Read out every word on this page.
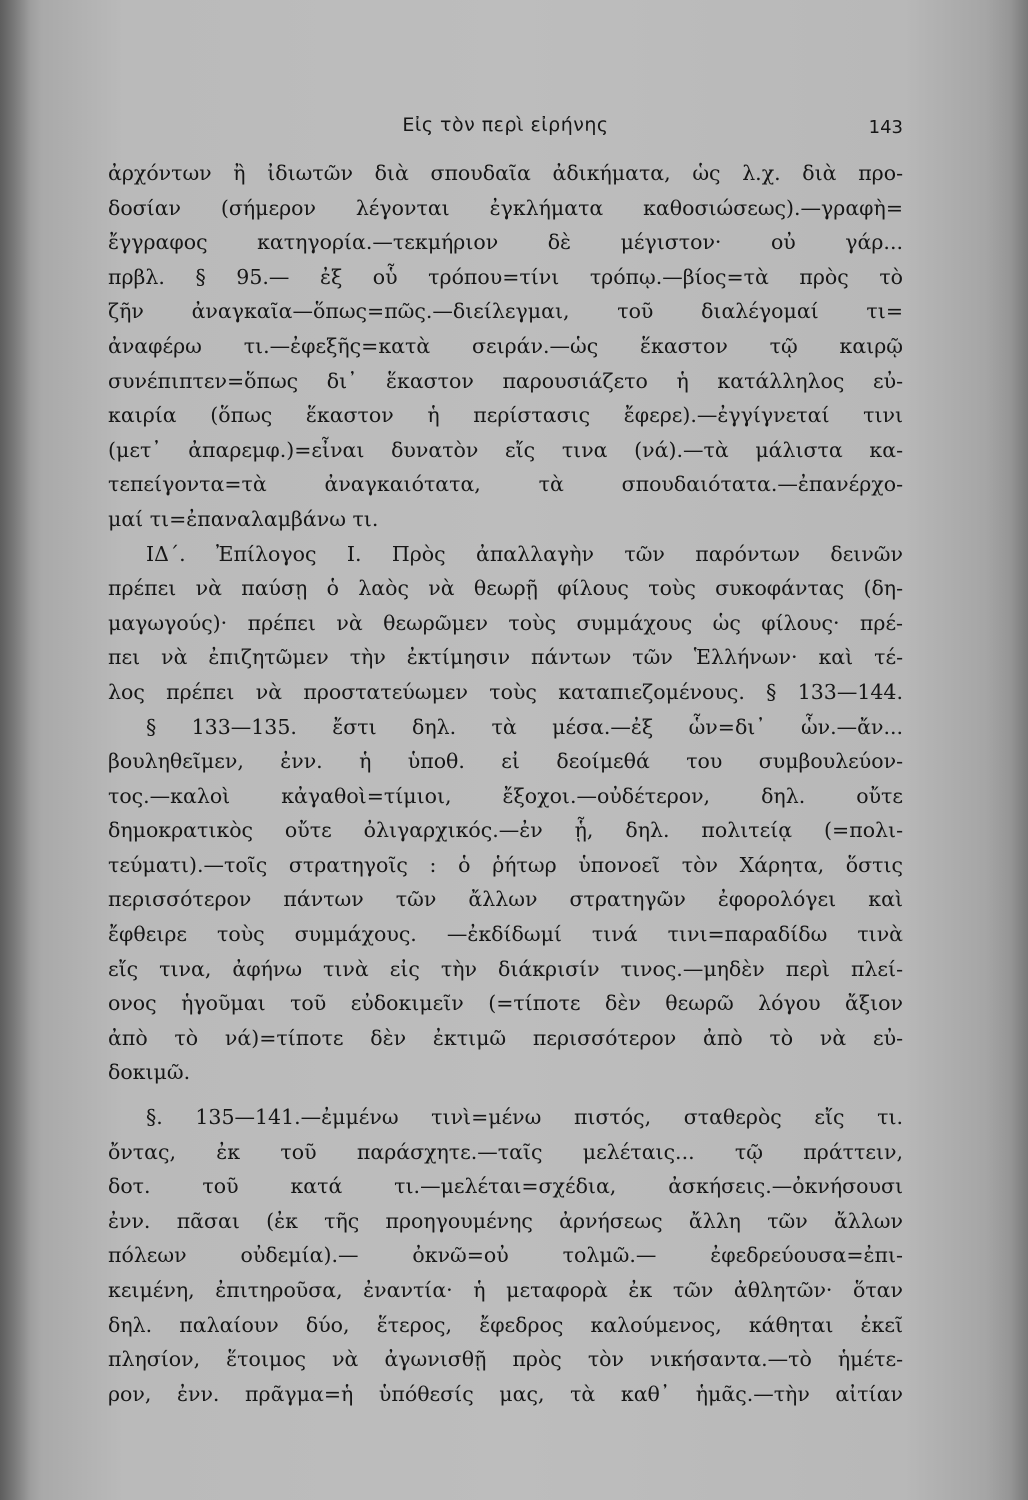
Εἰς τὸν περὶ εἰρήνης	143
ἀρχόντων ἢ ἰδιωτῶν διὰ σπουδαῖα ἀδικήματα, ὡς λ.χ. διὰ προ-
δοσίαν (σήμερον λέγονται ἐγκλήματα καθοσιώσεως).—γραφὴ=
ἔγγραφος κατηγορία.—τεκμήριον δὲ μέγιστον· οὐ γάρ...
πρβλ. § 95.— ἐξ οὗ τρόπου=τίνι τρόπῳ.—βίος=τὰ πρὸς τὸ
ζῆν ἀναγκαῖα—ὅπως=πῶς.—διείλεγμαι, τοῦ διαλέγομαί τι=
ἀναφέρω τι.—ἐφεξῆς=κατὰ σειράν.—ὡς ἕκαστον τῷ καιρῷ
συνέπιπτεν=ὅπως δι᾿ ἕκαστον παρουσιάζετο ἡ κατάλληλος εὐ-
καιρία (ὅπως ἕκαστον ἡ περίστασις ἔφερε).—ἐγγίγνεταί τινι
(μετ᾿ ἀπαρεμφ.)=εἶναι δυνατὸν εἴς τινα (νά).—τὰ μάλιστα κα-
τεπείγοντα=τὰ ἀναγκαιότατα, τὰ σπουδαιότατα.—ἐπανέρχο-
μαί τι=ἐπαναλαμβάνω τι.
ΙΔ΄. Ἐπίλογος Ι. Πρὸς ἀπαλλαγὴν τῶν παρόντων δεινῶν
πρέπει νὰ παύσῃ ὁ λαὸς νὰ θεωρῇ φίλους τοὺς συκοφάντας (δη-
μαγωγούς)· πρέπει νὰ θεωρῶμεν τοὺς συμμάχους ὡς φίλους· πρέ-
πει νὰ ἐπιζητῶμεν τὴν ἐκτίμησιν πάντων τῶν Ἑλλήνων· καὶ τέ-
λος πρέπει νὰ προστατεύωμεν τοὺς καταπιεζομένους. § 133—144.
§ 133—135. ἔστι δηλ. τὰ μέσα.—ἐξ ὧν=δι᾿ ὧν.—ἄν...
βουληθεῖμεν, ἐνν. ἡ ὑποθ. εἰ δεοίμεθά του συμβουλεύον-
τος.—καλοὶ κἀγαθοὶ=τίμιοι, ἔξοχοι.—οὐδέτερον, δηλ. οὔτε
δημοκρατικὸς οὔτε ὀλιγαρχικός.—ἐν ᾗ, δηλ. πολιτείᾳ (=πολι-
τεύματι).—τοῖς στρατηγοῖς : ὁ ῥήτωρ ὑπονοεῖ τὸν Χάρητα, ὅστις
περισσότερον πάντων τῶν ἄλλων στρατηγῶν ἐφορολόγει καὶ
ἔφθειρε τοὺς συμμάχους. —ἐκδίδωμί τινά τινι=παραδίδω τινὰ
εἴς τινα, ἀφήνω τινὰ εἰς τὴν διάκρισίν τινος.—μηδὲν περὶ πλεί-
ονος ἡγοῦμαι τοῦ εὐδοκιμεῖν (=τίποτε δὲν θεωρῶ λόγου ἄξιον
ἀπὸ τὸ νά)=τίποτε δὲν ἐκτιμῶ περισσότερον ἀπὸ τὸ νὰ εὐ-
δοκιμῶ.
§. 135—141.—ἐμμένω τινὶ=μένω πιστός, σταθερὸς εἴς τι.
ὄντας, ἐκ τοῦ παράσχητε.—ταῖς μελέταις... τῷ πράττειν,
δοτ. τοῦ κατά τι.—μελέται=σχέδια, ἀσκήσεις.—ὀκνήσουσι
ἐνν. πᾶσαι (ἐκ τῆς προηγουμένης ἀρνήσεως ἄλλη τῶν ἄλλων
πόλεων οὐδεμία).— ὀκνῶ=οὐ τολμῶ.— ἐφεδρεύουσα=ἐπι-
κειμένη, ἐπιτηροῦσα, ἐναντία· ἡ μεταφορὰ ἐκ τῶν ἀθλητῶν· ὅταν
δηλ. παλαίουν δύο, ἕτερος, ἔφεδρος καλούμενος, κάθηται ἐκεῖ
πλησίον, ἕτοιμος νὰ ἀγωνισθῇ πρὸς τὸν νικήσαντα.—τὸ ἡμέτε-
ρον, ἐνν. πρᾶγμα=ἡ ὑπόθεσίς μας, τὰ καθ᾿ ἡμᾶς.—τὴν αἰτίαν
